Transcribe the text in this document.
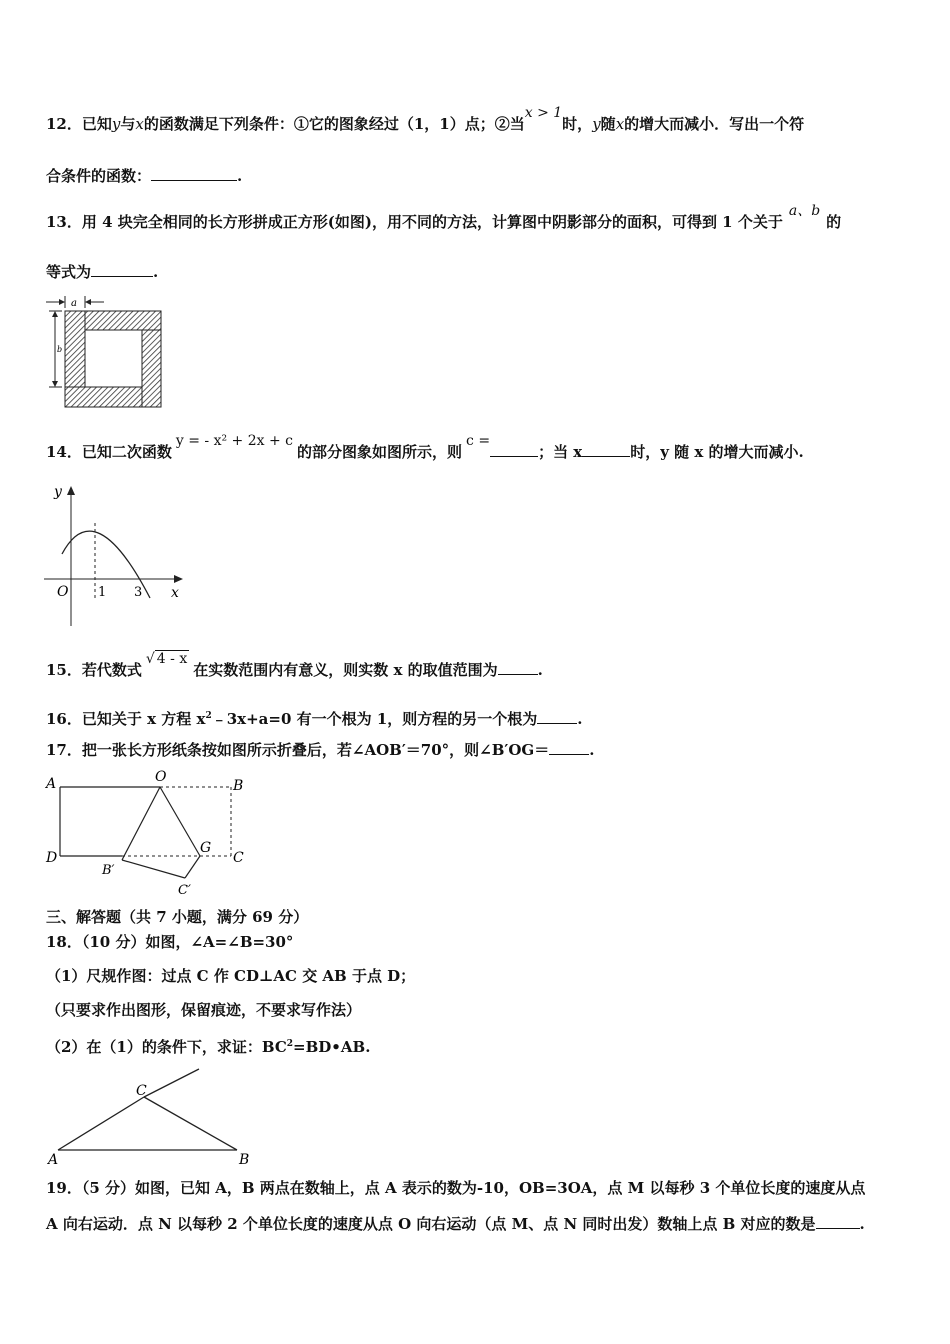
12．已知y与x的函数满足下列条件：①它的图象经过（1，1）点；②当x > 1时，y随x的增大而减小．写出一个符
合条件的函数：	.
13．用 4 块完全相同的长方形拼成正方形(如图)，用不同的方法，计算图中阴影部分的面积，可得到 1 个关于a、b的
等式为	.
a
b
14．已知二次函数y = - x² + 2x + c的部分图象如图所示，则c =；当 x	时，y 随 x 的增大而减小.
y
x
O 1 3
15．若代数式√ 4 - x在实数范围内有意义，则实数 x 的取值范围为	.
16．已知关于 x 方程 $x^2﹣3x+a=0$ 有一个根为 1，则方程的另一个根为	.
17．把一张长方形纸条按如图所示折叠后，若∠AOB′＝70°，则∠B′OG＝	.
A	O
B
D
B′
G
C
C′
三、解答题（共 7 小题，满分 69 分）
18．（10 分）如图，∠A=∠B=30°
（1）尺规作图：过点 C 作 CD⊥AC 交 AB 于点 D；
（只要求作出图形，保留痕迹，不要求写作法）
（2）在（1）的条件下，求证：$BC^2=BD•AB$.
A	B
C
19．（5 分）如图，已知 A，B 两点在数轴上，点 A 表示的数为-10，OB=3OA，点 M 以每秒 3 个单位长度的速度从点
A 向右运动．点 N 以每秒 2 个单位长度的速度从点 O 向右运动（点 M、点 N 同时出发）数轴上点 B 对应的数是	.
